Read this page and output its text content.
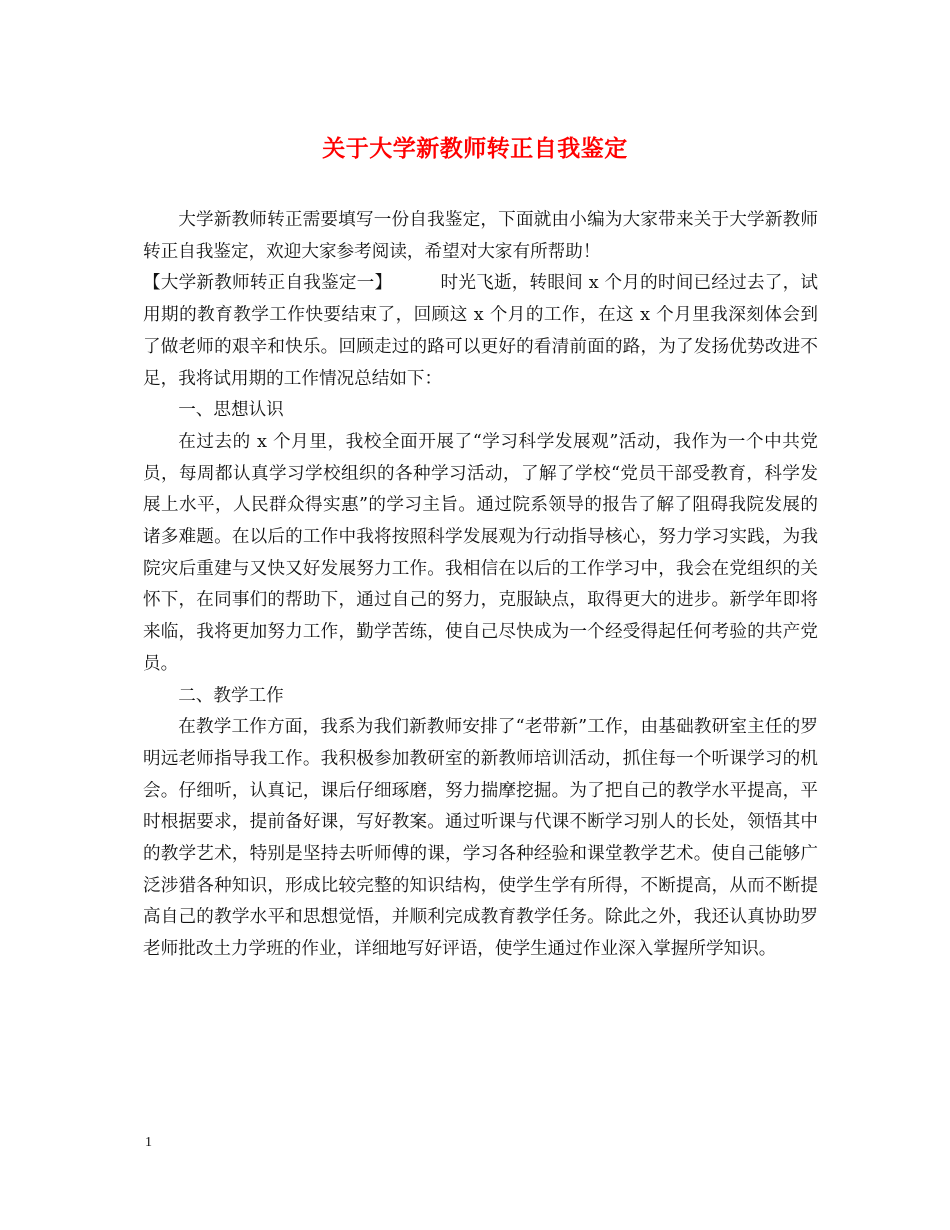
关于大学新教师转正自我鉴定

大学新教师转正需要填写一份自我鉴定，下面就由小编为大家带来关于大学新教师转正自我鉴定，欢迎大家参考阅读，希望对大家有所帮助！

【大学新教师转正自我鉴定一】	时光飞逝，转眼间 x 个月的时间已经过去了，试用期的教育教学工作快要结束了，回顾这 x 个月的工作，在这 x 个月里我深刻体会到了做老师的艰辛和快乐。回顾走过的路可以更好的看清前面的路，为了发扬优势改进不足，我将试用期的工作情况总结如下：

一、思想认识

在过去的 x 个月里，我校全面开展了“学习科学发展观”活动，我作为一个中共党员，每周都认真学习学校组织的各种学习活动，了解了学校“党员干部受教育，科学发展上水平，人民群众得实惠”的学习主旨。通过院系领导的报告了解了阻碍我院发展的诸多难题。在以后的工作中我将按照科学发展观为行动指导核心，努力学习实践，为我院灾后重建与又快又好发展努力工作。我相信在以后的工作学习中，我会在党组织的关怀下，在同事们的帮助下，通过自己的努力，克服缺点，取得更大的进步。新学年即将来临，我将更加努力工作，勤学苦练，使自己尽快成为一个经受得起任何考验的共产党员。

二、教学工作

在教学工作方面，我系为我们新教师安排了“老带新”工作，由基础教研室主任的罗明远老师指导我工作。我积极参加教研室的新教师培训活动，抓住每一个听课学习的机会。仔细听，认真记，课后仔细琢磨，努力揣摩挖掘。为了把自己的教学水平提高，平时根据要求，提前备好课，写好教案。通过听课与代课不断学习别人的长处，领悟其中的教学艺术，特别是坚持去听师傅的课，学习各种经验和课堂教学艺术。使自己能够广泛涉猎各种知识，形成比较完整的知识结构，使学生学有所得，不断提高，从而不断提高自己的教学水平和思想觉悟，并顺利完成教育教学任务。除此之外，我还认真协助罗老师批改土力学班的作业，详细地写好评语，使学生通过作业深入掌握所学知识。

1
